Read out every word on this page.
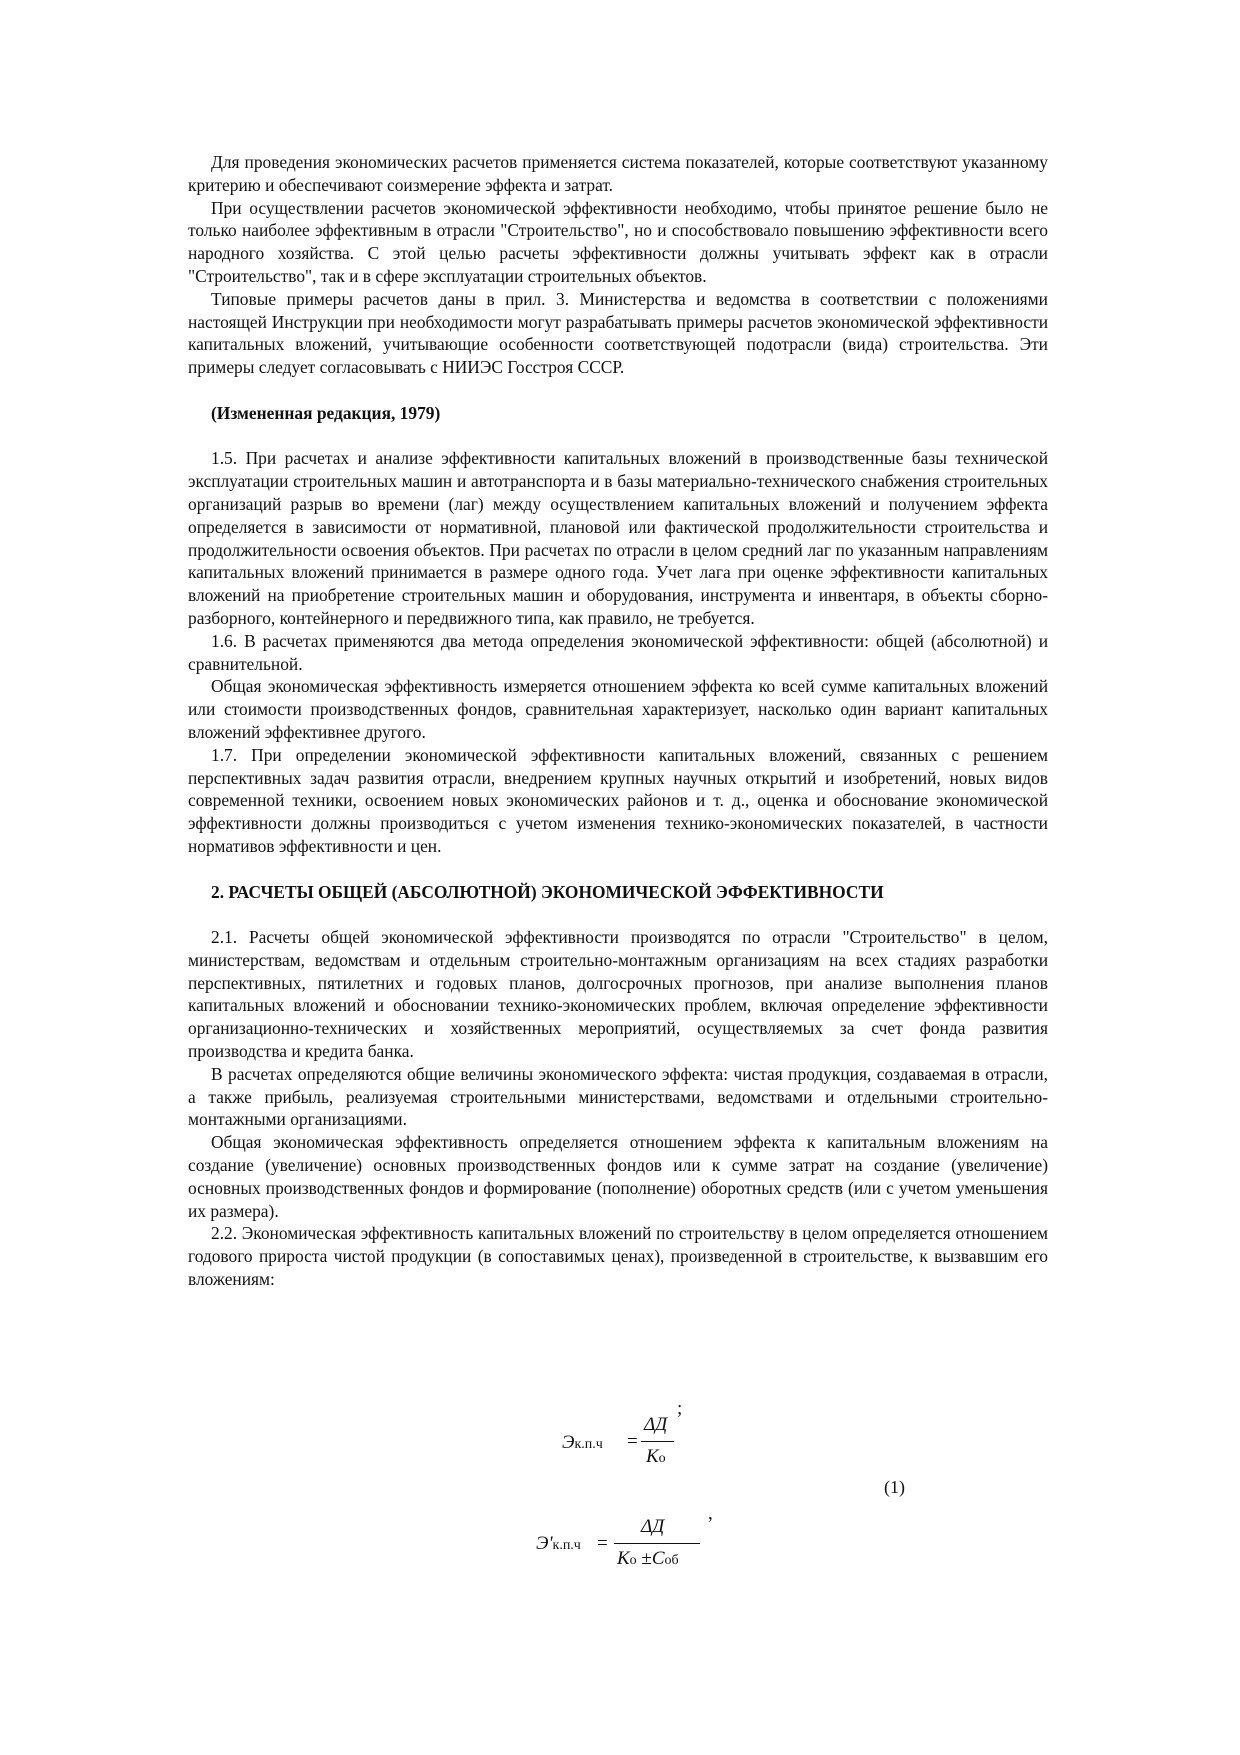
Для проведения экономических расчетов применяется система показателей, которые соответствуют указанному критерию и обеспечивают соизмерение эффекта и затрат.

При осуществлении расчетов экономической эффективности необходимо, чтобы принятое решение было не только наиболее эффективным в отрасли "Строительство", но и способствовало повышению эффективности всего народного хозяйства. С этой целью расчеты эффективности должны учитывать эффект как в отрасли "Строительство", так и в сфере эксплуатации строительных объектов.

Типовые примеры расчетов даны в прил. 3. Министерства и ведомства в соответствии с положениями настоящей Инструкции при необходимости могут разрабатывать примеры расчетов экономической эффективности капитальных вложений, учитывающие особенности соответствующей подотрасли (вида) строительства. Эти примеры следует согласовывать с НИИЭС Госстроя СССР.

(Измененная редакция, 1979)

1.5. При расчетах и анализе эффективности капитальных вложений в производственные базы технической эксплуатации строительных машин и автотранспорта и в базы материально-технического снабжения строительных организаций разрыв во времени (лаг) между осуществлением капитальных вложений и получением эффекта определяется в зависимости от нормативной, плановой или фактической продолжительности строительства и продолжительности освоения объектов. При расчетах по отрасли в целом средний лаг по указанным направлениям капитальных вложений принимается в размере одного года. Учет лага при оценке эффективности капитальных вложений на приобретение строительных машин и оборудования, инструмента и инвентаря, в объекты сборно-разборного, контейнерного и передвижного типа, как правило, не требуется.

1.6. В расчетах применяются два метода определения экономической эффективности: общей (абсолютной) и сравнительной.

Общая экономическая эффективность измеряется отношением эффекта ко всей сумме капитальных вложений или стоимости производственных фондов, сравнительная характеризует, насколько один вариант капитальных вложений эффективнее другого.

1.7. При определении экономической эффективности капитальных вложений, связанных с решением перспективных задач развития отрасли, внедрением крупных научных открытий и изобретений, новых видов современной техники, освоением новых экономических районов и т. д., оценка и обоснование экономической эффективности должны производиться с учетом изменения технико-экономических показателей, в частности нормативов эффективности и цен.

2. РАСЧЕТЫ ОБЩЕЙ (АБСОЛЮТНОЙ) ЭКОНОМИЧЕСКОЙ ЭФФЕКТИВНОСТИ

2.1. Расчеты общей экономической эффективности производятся по отрасли "Строительство" в целом, министерствам, ведомствам и отдельным строительно-монтажным организациям на всех стадиях разработки перспективных, пятилетних и годовых планов, долгосрочных прогнозов, при анализе выполнения планов капитальных вложений и обосновании технико-экономических проблем, включая определение эффективности организационно-технических и хозяйственных мероприятий, осуществляемых за счет фонда развития производства и кредита банка.

В расчетах определяются общие величины экономического эффекта: чистая продукция, создаваемая в отрасли, а также прибыль, реализуемая строительными министерствами, ведомствами и отдельными строительно-монтажными организациями.

Общая экономическая эффективность определяется отношением эффекта к капитальным вложениям на создание (увеличение) основных производственных фондов или к сумме затрат на создание (увеличение) основных производственных фондов и формирование (пополнение) оборотных средств (или с учетом уменьшения их размера).

2.2. Экономическая эффективность капитальных вложений по строительству в целом определяется отношением годового прироста чистой продукции (в сопоставимых ценах), произведенной в строительстве, к вызвавшим его вложениям:

;
Эк.п.ч =
ΔД
Ко
(1)
,
Э'к.п.ч =
ΔД
Ко ±Соб
